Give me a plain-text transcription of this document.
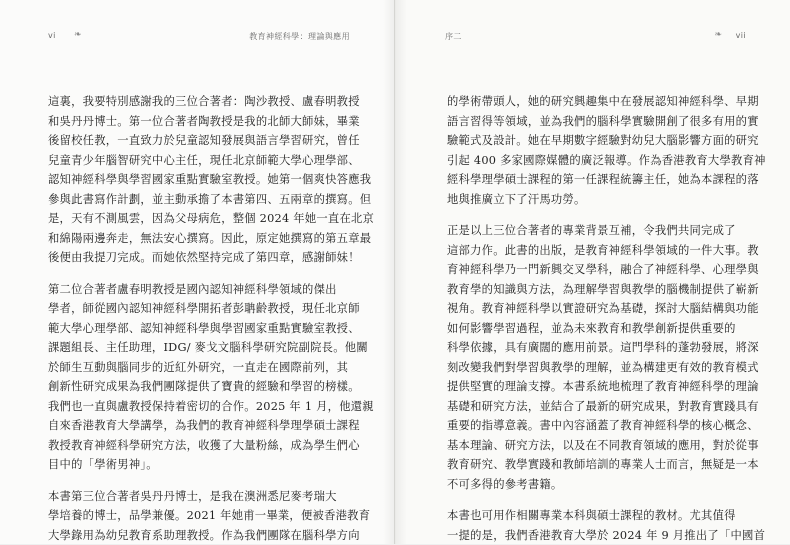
vi ❧	教育神經科學：理論與應用
這裏，我要特別感謝我的三位合著者：陶沙教授、盧春明教授
和吳丹丹博士。第一位合著者陶教授是我的北師大師妹，畢業
後留校任教，一直致力於兒童認知發展與語言學習研究，曾任
兒童青少年腦智研究中心主任，現任北京師範大學心理學部、
認知神經科學與學習國家重點實驗室教授。她第一個爽快答應我
參與此書寫作計劃，並主動承擔了本書第四、五兩章的撰寫。但
是，天有不測風雲，因為父母病危，整個 2024 年她一直在北京
和綿陽兩邊奔走，無法安心撰寫。因此，原定她撰寫的第五章最
後便由我提刀完成。而她依然堅持完成了第四章，感謝師妹！
第二位合著者盧春明教授是國內認知神經科學領域的傑出
學者，師從國內認知神經科學開拓者彭聃齡教授，現任北京師
範大學心理學部、認知神經科學與學習國家重點實驗室教授、
課題組長、主任助理，IDG/ 麥戈文腦科學研究院副院長。他關
於師生互動與腦同步的近紅外研究，一直走在國際前列，其
創新性研究成果為我們團隊提供了寶貴的經驗和學習的榜樣。
我們也一直與盧教授保持着密切的合作。2025 年 1 月，他還親
自來香港教育大學講學，為我們的教育神經科學理學碩士課程
教授教育神經科學研究方法，收獲了大量粉絲，成為學生們心
目中的「學術男神」。
本書第三位合著者吳丹丹博士，是我在澳洲悉尼麥考瑞大
學培養的博士，品學兼優。2021 年她甫一畢業，便被香港教育
大學錄用為幼兒教育系助理教授。作為我們團隊在腦科學方向
序二	❧ vii
的學術帶頭人，她的研究興趣集中在發展認知神經科學、早期
語言習得等領域，並為我們的腦科學實驗開創了很多有用的實
驗範式及設計。她在早期數字經驗對幼兒大腦影響方面的研究
引起 400 多家國際媒體的廣泛報導。作為香港教育大學教育神
經科學理學碩士課程的第一任課程統籌主任，她為本課程的落
地與推廣立下了汗馬功勞。
正是以上三位合著者的專業背景互補，令我們共同完成了
這部力作。此書的出版，是教育神經科學領域的一件大事。教
育神經科學乃一門新興交叉學科，融合了神經科學、心理學與
教育學的知識與方法，為理解學習與教學的腦機制提供了嶄新
視角。教育神經科學以實證研究為基礎，探討大腦結構與功能
如何影響學習過程，並為未來教育和教學創新提供重要的
科學依據，具有廣闊的應用前景。這門學科的蓬勃發展，將深
刻改變我們對學習與教學的理解，並為構建更有效的教育模式
提供堅實的理論支撐。本書系統地梳理了教育神經科學的理論
基礎和研究方法，並結合了最新的研究成果，對教育實踐具有
重要的指導意義。書中內容涵蓋了教育神經科學的核心概念、
基本理論、研究方法，以及在不同教育領域的應用，對於從事
教育研究、教學實踐和教師培訓的專業人士而言，無疑是一本
不可多得的參考書籍。
本書也可用作相關專業本科與碩士課程的教材。尤其值得
一提的是，我們香港教育大學於 2024 年 9 月推出了「中國首
